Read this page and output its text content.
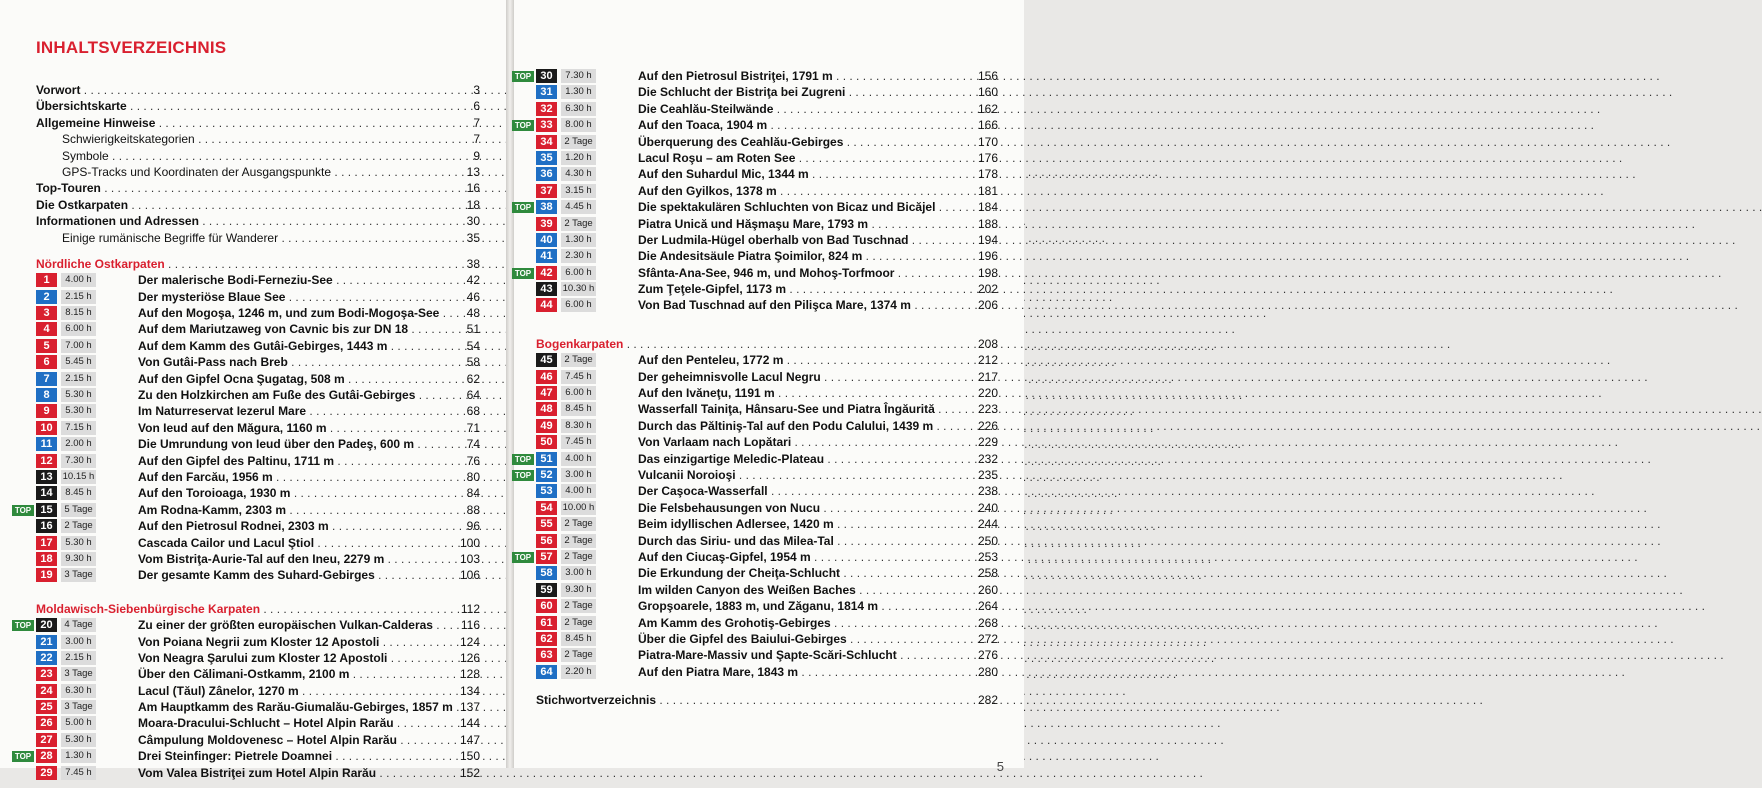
INHALTSVERZEICHNIS
Vorwort . . .	3
Übersichtskarte . . .	6
Allgemeine Hinweise . . .	7
Schwierigkeitskategorien . . .	7
Symbole . . .	9
GPS-Tracks und Koordinaten der Ausgangspunkte . . .	13
Top-Touren . . .	16
Die Ostkarpaten . . .	18
Informationen und Adressen . . .	30
Einige rumänische Begriffe für Wanderer . . .	35
Nördliche Ostkarpaten . . .	38
1	4.00 h	Der malerische Bodi-Ferneziu-See . . .	42
2	2.15 h	Der mysteriöse Blaue See . . .	46
3	8.15 h	Auf den Mogoşa, 1246 m, und zum Bodi-Mogoşa-See . . .	48
4	6.00 h	Auf dem Mariutzaweg von Cavnic bis zur DN 18 . . .	51
5	7.00 h	Auf dem Kamm des Gutâi-Gebirges, 1443 m . . .	54
6	5.45 h	Von Gutâi-Pass nach Breb . . .	58
7	2.15 h	Auf den Gipfel Ocna Şugatag, 508 m . . .	62
8	5.30 h	Zu den Holzkirchen am Fuße des Gutâi-Gebirges . . .	64
9	5.30 h	Im Naturreservat Iezerul Mare . . .	68
10	7.15 h	Von Ieud auf den Măgura, 1160 m . . .	71
11	2.00 h	Die Umrundung von Ieud über den Padeş, 600 m . . .	74
12	7.30 h	Auf den Gipfel des Paltinu, 1711 m . . .	76
13	10.15 h	Auf den Farcău, 1956 m . . .	80
14	8.45 h	Auf den Toroioaga, 1930 m . . .	84
TOP 15	5 Tage	Am Rodna-Kamm, 2303 m . . .	88
16	2 Tage	Auf den Pietrosul Rodnei, 2303 m . . .	96
17	5.30 h	Cascada Cailor und Lacul Ştiol . . .	100
18	9.30 h	Vom Bistriţa-Aurie-Tal auf den Ineu, 2279 m . . .	103
19	3 Tage	Der gesamte Kamm des Suhard-Gebirges . . .	106
Moldawisch-Siebenbürgische Karpaten . . .	112
TOP 20	4 Tage	Zu einer der größten europäischen Vulkan-Calderas . . .	116
21	3.00 h	Von Poiana Negrii zum Kloster 12 Apostoli . . .	124
22	2.15 h	Von Neagra Şarului zum Kloster 12 Apostoli . . .	126
23	3 Tage	Über den Călimani-Ostkamm, 2100 m . . .	128
24	6.30 h	Lacul (Tăul) Zânelor, 1270 m . . .	134
25	3 Tage	Am Hauptkamm des Rarău-Giumalău-Gebirges, 1857 m . . . 137
26	5.00 h	Moara-Dracului-Schlucht – Hotel Alpin Rarău . . .	144
27	5.30 h	Câmpulung Moldovenesc – Hotel Alpin Rarău . . .	147
TOP 28	1.30 h	Drei Steinfinger: Pietrele Doamnei . . .	150
29	7.45 h	Vom Valea Bistriţei zum Hotel Alpin Rarău . . .	152
TOP 30	7.30 h	Auf den Pietrosul Bistriţei, 1791 m . . .	156
31	1.30 h	Die Schlucht der Bistriţa bei Zugreni . . .	160
32	6.30 h	Die Ceahlău-Steilwände . . .	162
TOP 33	8.00 h	Auf den Toaca, 1904 m . . .	166
34	2 Tage	Überquerung des Ceahlău-Gebirges . . .	170
35	1.20 h	Lacul Roşu – am Roten See . . .	176
36	4.30 h	Auf den Suhardul Mic, 1344 m . . .	178
37	3.15 h	Auf den Gyilkos, 1378 m . . .	181
TOP 38	4.45 h	Die spektakulären Schluchten von Bicaz und Bicăjel . . .	184
39	2 Tage	Piatra Unică und Hăşmaşu Mare, 1793 m . . .	188
40	1.30 h	Der Ludmila-Hügel oberhalb von Bad Tuschnad . . .	194
41	2.30 h	Die Andesitsäule Piatra Şoimilor, 824 m . . .	196
TOP 42	6.00 h	Sfânta-Ana-See, 946 m, und Mohoş-Torfmoor . . .	198
43	10.30 h	Zum Ţeţele-Gipfel, 1173 m . . .	202
44	6.00 h	Von Bad Tuschnad auf den Pilişca Mare, 1374 m . . .	206
Bogenkarpaten . . .	208
45	2 Tage	Auf den Penteleu, 1772 m . . .	212
46	7.45 h	Der geheimnisvolle Lacul Negru . . .	217
47	6.00 h	Auf den Ivăneţu, 1191 m . . .	220
48	8.45 h	Wasserfall Tainiţa, Hânsaru-See und Piatra Îngăurită . . .	223
49	8.30 h	Durch das Păltiniş-Tal auf den Podu Calului, 1439 m . . .	226
50	7.45 h	Von Varlaam nach Lopătari . . .	229
TOP 51	4.00 h	Das einzigartige Meledic-Plateau . . .	232
TOP 52	3.00 h	Vulcanii Noroioşi . . .	235
53	4.00 h	Der Caşoca-Wasserfall . . .	238
54	10.00 h	Die Felsbehausungen von Nucu . . .	240
55	2 Tage	Beim idyllischen Adlersee, 1420 m . . .	244
56	2 Tage	Durch das Siriu- und das Milea-Tal . . .	250
TOP 57	2 Tage	Auf den Ciucaş-Gipfel, 1954 m . . .	253
58	3.00 h	Die Erkundung der Cheiţa-Schlucht . . .	258
59	9.30 h	Im wilden Canyon des Weißen Baches . . .	260
60	2 Tage	Gropşoarele, 1883 m, und Zăganu, 1814 m . . .	264
61	2 Tage	Am Kamm des Grohotiş-Gebirges . . .	268
62	8.45 h	Über die Gipfel des Baiului-Gebirges . . .	272
63	2 Tage	Piatra-Mare-Massiv und Şapte-Scări-Schlucht . . .	276
64	2.20 h	Auf den Piatra Mare, 1843 m . . .	280
Stichwortverzeichnis . . .	282
5
